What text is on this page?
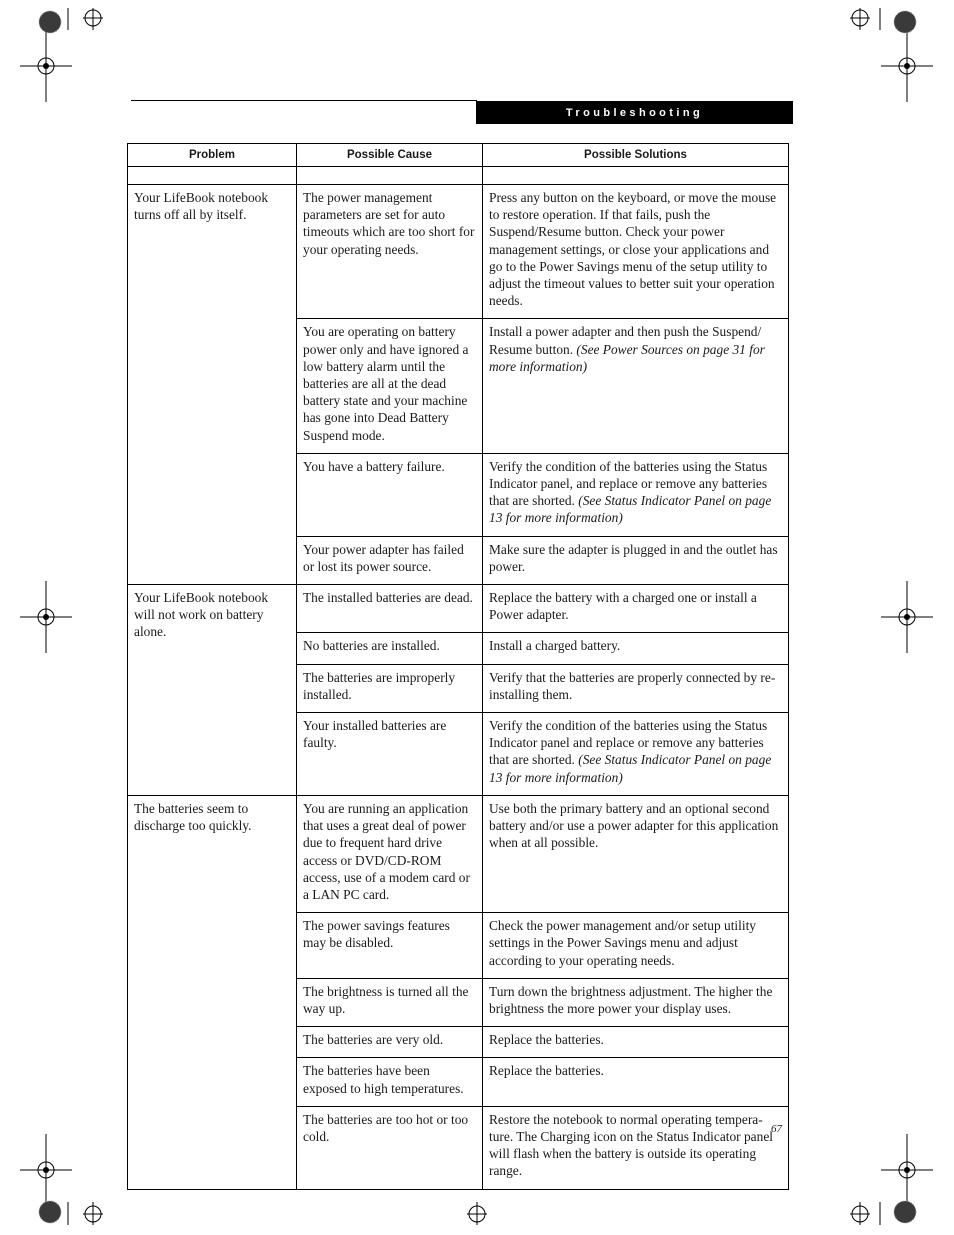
Troubleshooting
Problem	Possible Cause	Possible Solutions

Your LifeBook notebook turns off all by itself.	The power management parameters are set for auto timeouts which are too short for your operating needs.	Press any button on the keyboard, or move the mouse to restore operation. If that fails, push the Suspend/Resume button. Check your power management settings, or close your applications and go to the Power Savings menu of the setup utility to adjust the timeout values to better suit your operation needs.
	You are operating on battery power only and have ignored a low battery alarm until the batteries are all at the dead battery state and your machine has gone into Dead Battery Suspend mode.	Install a power adapter and then push the Suspend/ Resume button. (See Power Sources on page 31 for more information)
	You have a battery failure.	Verify the condition of the batteries using the Status Indicator panel, and replace or remove any batteries that are shorted. (See Status Indicator Panel on page 13 for more information)
	Your power adapter has failed or lost its power source.	Make sure the adapter is plugged in and the outlet has power.
Your LifeBook notebook will not work on battery alone.	The installed batteries are dead.	Replace the battery with a charged one or install a Power adapter.
	No batteries are installed.	Install a charged battery.
	The batteries are improperly installed.	Verify that the batteries are properly connected by re-installing them.
	Your installed batteries are faulty.	Verify the condition of the batteries using the Status Indicator panel and replace or remove any batteries that are shorted. (See Status Indicator Panel on page 13 for more information)
The batteries seem to discharge too quickly.	You are running an application that uses a great deal of power due to frequent hard drive access or DVD/CD-ROM access, use of a modem card or a LAN PC card.	Use both the primary battery and an optional second battery and/or use a power adapter for this application when at all possible.
	The power savings features may be disabled.	Check the power management and/or setup utility settings in the Power Savings menu and adjust according to your operating needs.
	The brightness is turned all the way up.	Turn down the brightness adjustment. The higher the brightness the more power your display uses.
	The batteries are very old.	Replace the batteries.
	The batteries have been exposed to high temperatures.	Replace the batteries.
	The batteries are too hot or too cold.	Restore the notebook to normal operating tempera- ture. The Charging icon on the Status Indicator panel will flash when the battery is outside its operating range.
67
